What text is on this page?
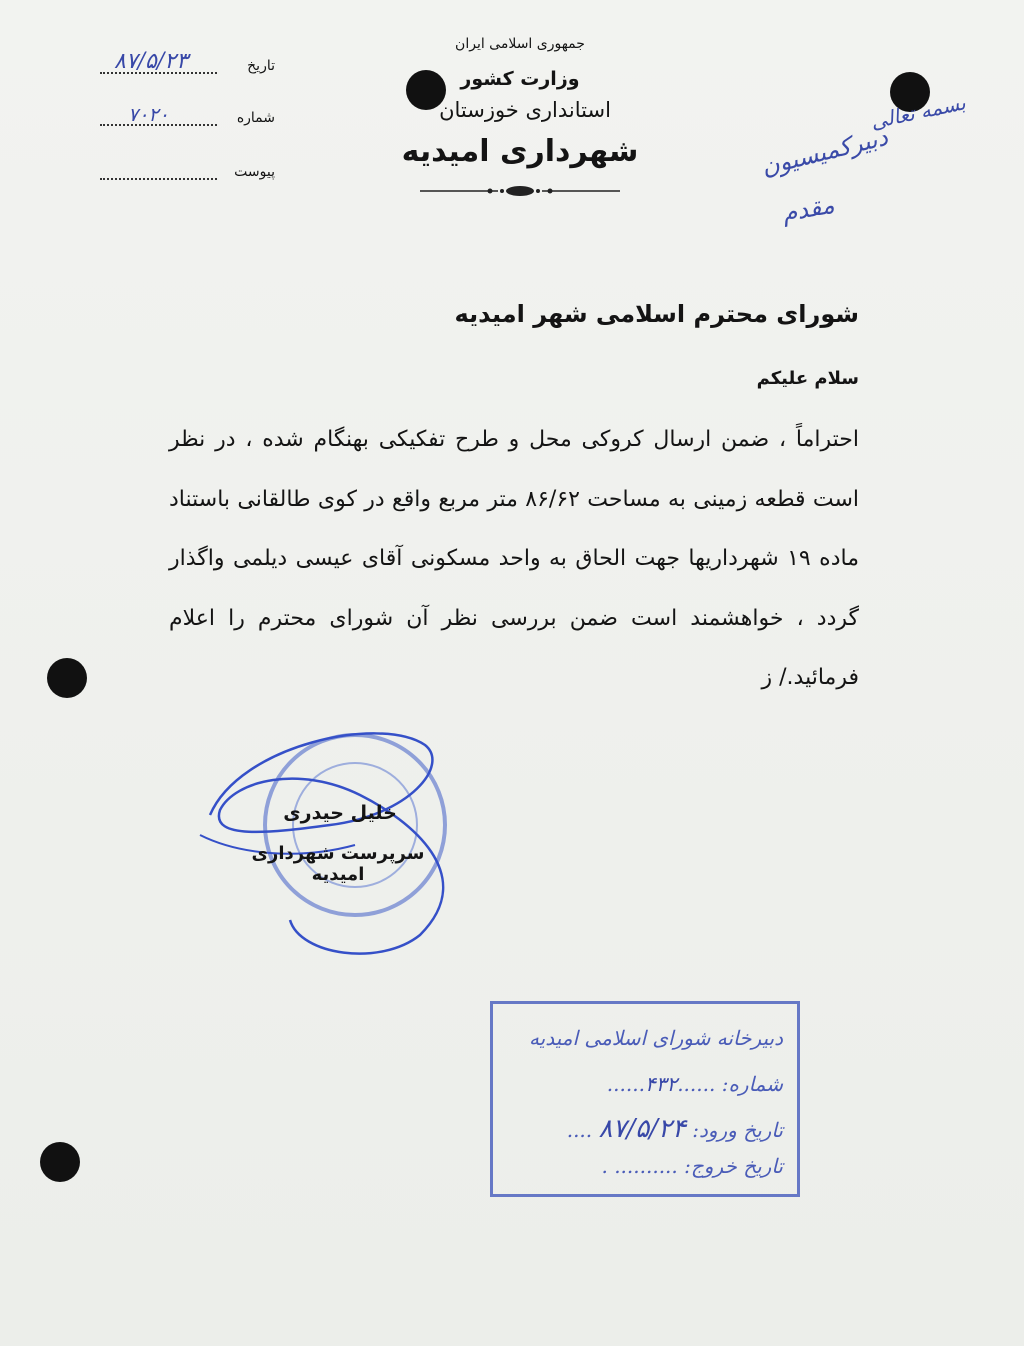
جمهوری اسلامی ایران
وزارت کشور
استانداری خوزستان
شهرداری امیدیه
تاریخ
۸۷/۵/۲۳
شماره
۷۰۲۰
پیوست
بسمه تعالی
دبیرکمیسیون
مقدم
شورای محترم اسلامی شهر امیدیه
سلام علیکم
احتراماً ، ضمن ارسال کروکی محل و طرح تفکیکی بهنگام شده ، در نظر است قطعه زمینی به مساحت ۸۶/۶۲ متر مربع واقع در کوی طالقانی باستناد ماده ۱۹ شهرداریها جهت الحاق به واحد مسکونی آقای عیسی دیلمی واگذار گردد ، خواهشمند است ضمن بررسی نظر آن شورای محترم را اعلام فرمائید./ ز
خلیل حیدری
سرپرست شهرداری امیدیه
دبیرخانه شورای اسلامی امیدیه
شماره: ......۴۳۲......
تاریخ ورود: ۸۷/۵/۲۴ ....
تاریخ خروج: .......... .
